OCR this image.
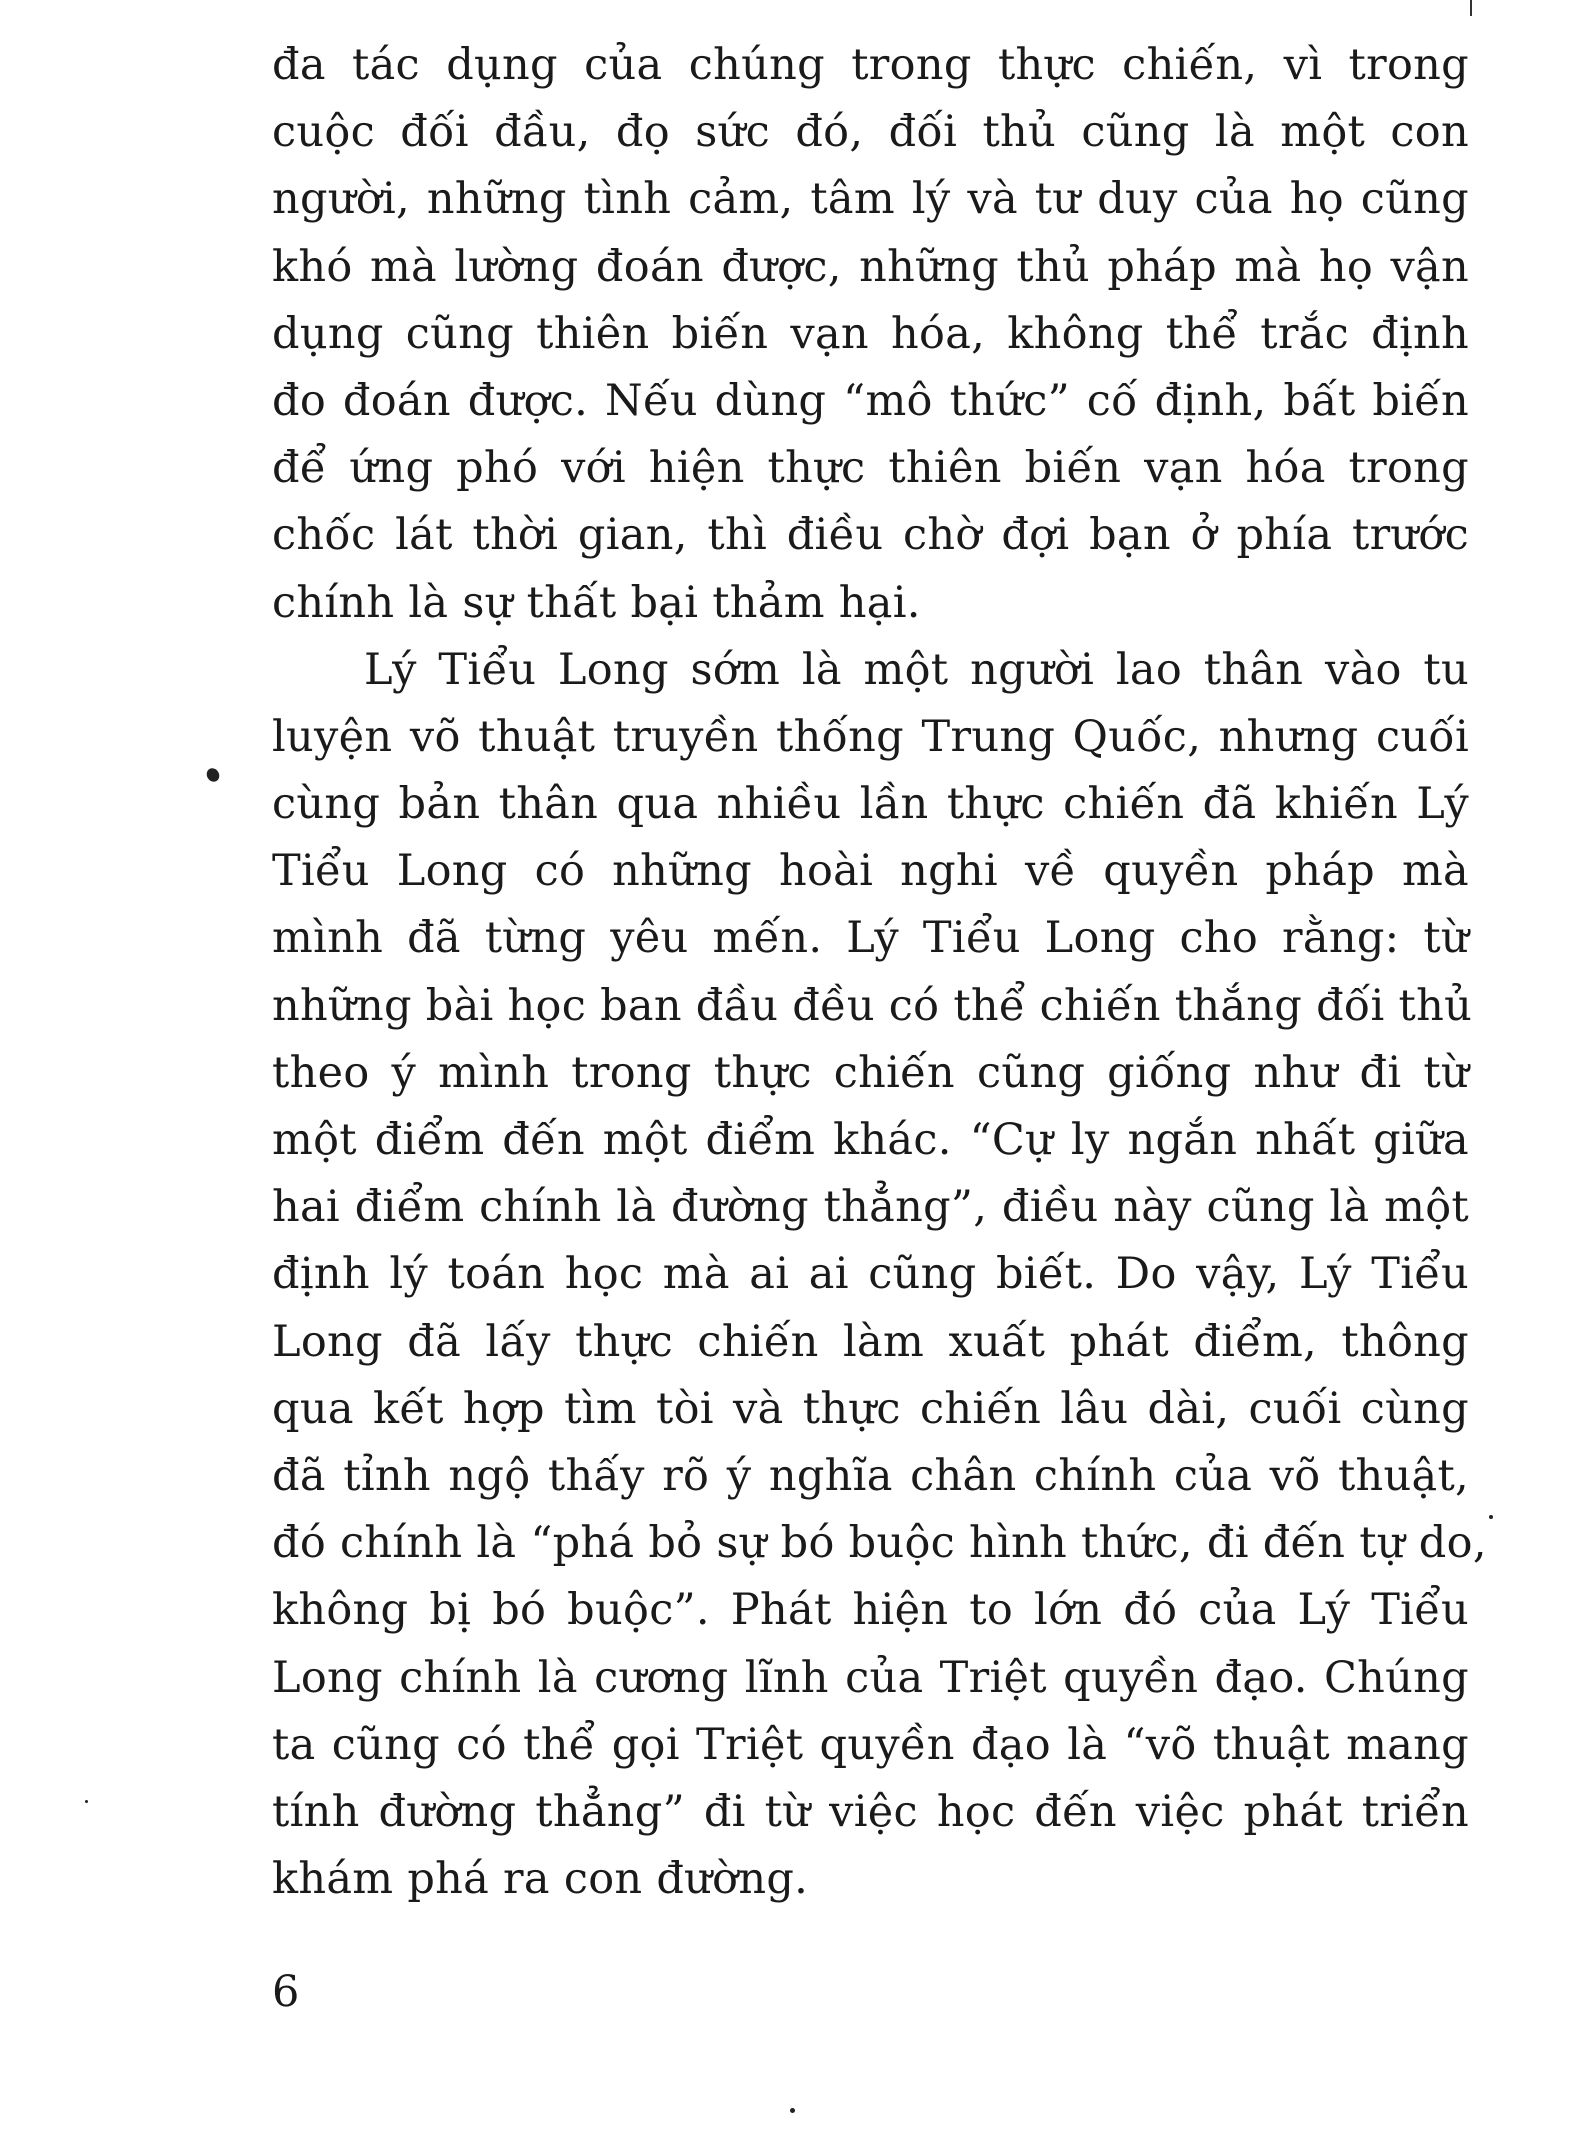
đa tác dụng của chúng trong thực chiến, vì trong
cuộc đối đầu, đọ sức đó, đối thủ cũng là một con
người, những tình cảm, tâm lý và tư duy của họ cũng
khó mà lường đoán được, những thủ pháp mà họ vận
dụng cũng thiên biến vạn hóa, không thể trắc định
đo đoán được. Nếu dùng “mô thức” cố định, bất biến
để ứng phó với hiện thực thiên biến vạn hóa trong
chốc lát thời gian, thì điều chờ đợi bạn ở phía trước
chính là sự thất bại thảm hại.

Lý Tiểu Long sớm là một người lao thân vào tu
luyện võ thuật truyền thống Trung Quốc, nhưng cuối
cùng bản thân qua nhiều lần thực chiến đã khiến Lý
Tiểu Long có những hoài nghi về quyền pháp mà
mình đã từng yêu mến. Lý Tiểu Long cho rằng: từ
những bài học ban đầu đều có thể chiến thắng đối thủ
theo ý mình trong thực chiến cũng giống như đi từ
một điểm đến một điểm khác. “Cự ly ngắn nhất giữa
hai điểm chính là đường thẳng”, điều này cũng là một
định lý toán học mà ai ai cũng biết. Do vậy, Lý Tiểu
Long đã lấy thực chiến làm xuất phát điểm, thông
qua kết hợp tìm tòi và thực chiến lâu dài, cuối cùng
đã tỉnh ngộ thấy rõ ý nghĩa chân chính của võ thuật,
đó chính là “phá bỏ sự bó buộc hình thức, đi đến tự do,
không bị bó buộc”. Phát hiện to lớn đó của Lý Tiểu
Long chính là cương lĩnh của Triệt quyền đạo. Chúng
ta cũng có thể gọi Triệt quyền đạo là “võ thuật mang
tính đường thẳng” đi từ việc học đến việc phát triển
khám phá ra con đường.

6
